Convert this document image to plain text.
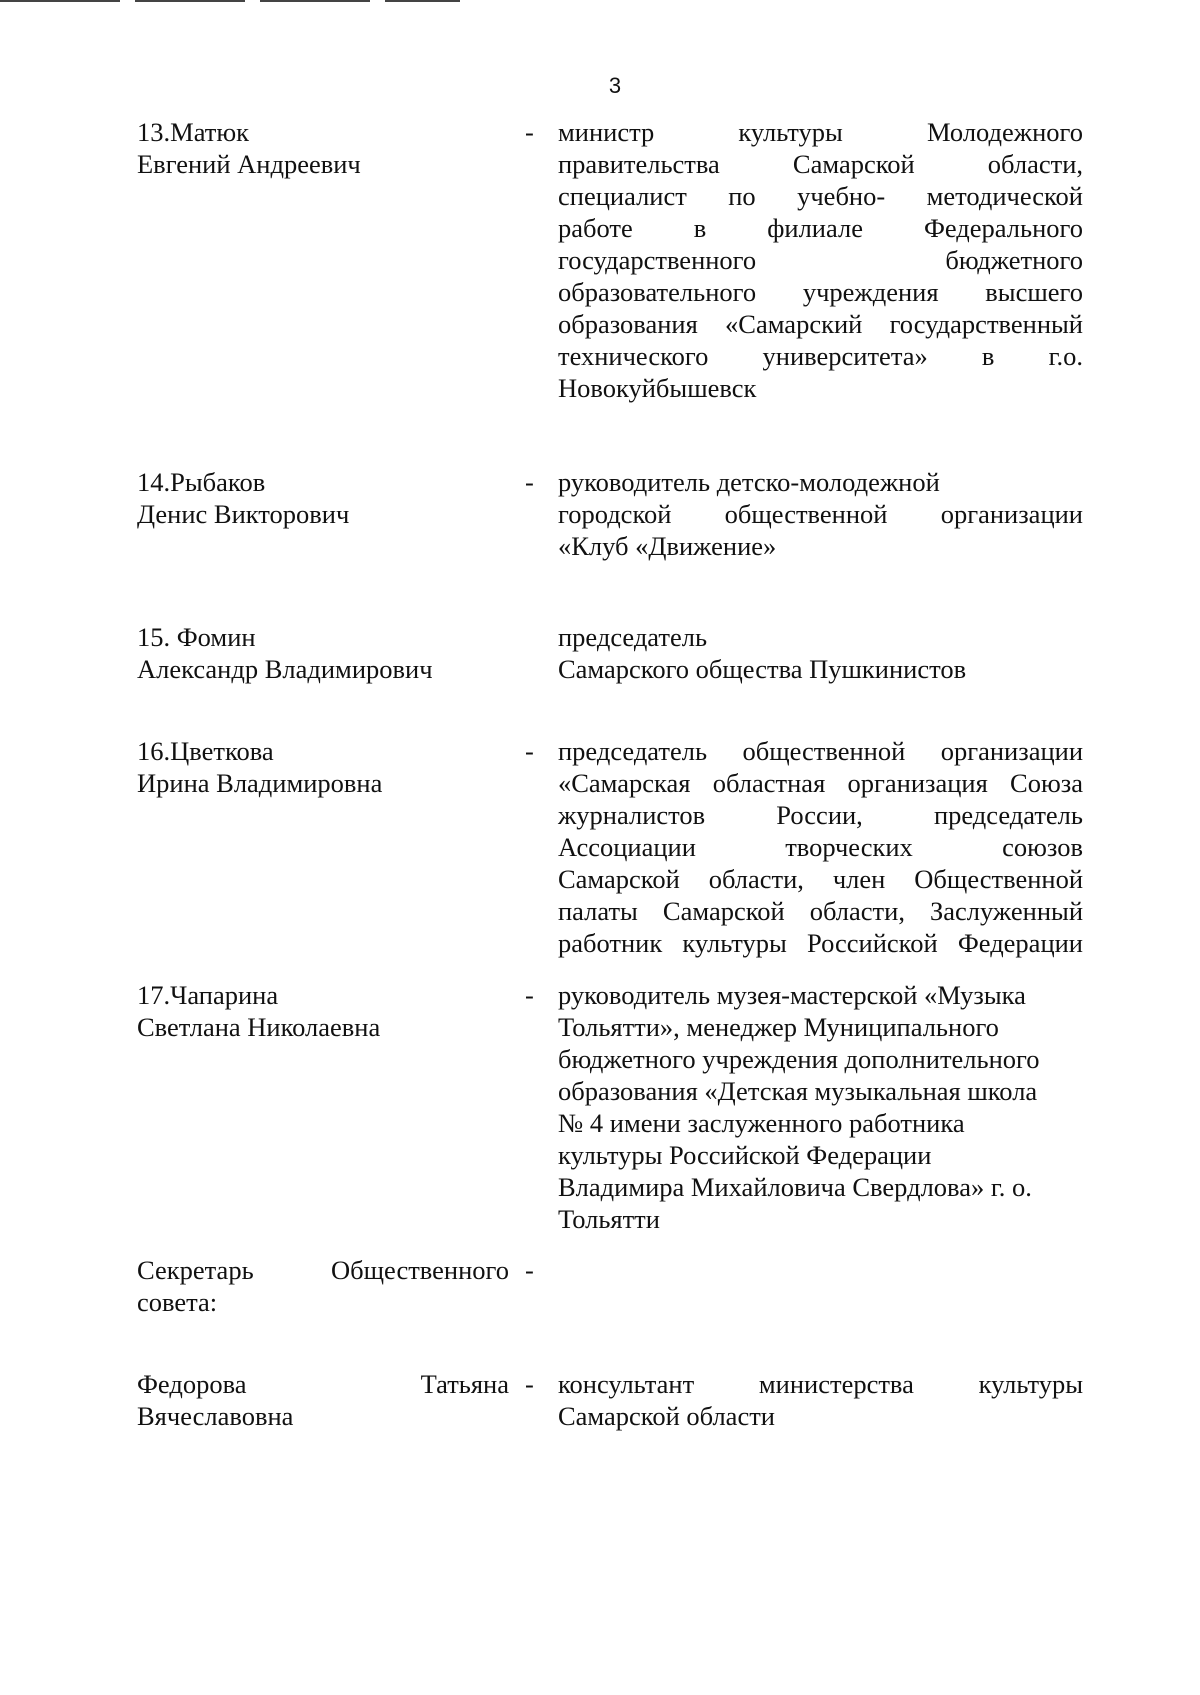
3

13.Матюк

Евгений Андреевич

- министр культуры Молодежного

правительства Самарской области,

специалист по учебно- методической

работе в филиале Федерального

государственного бюджетного

образовательного учреждения высшего

образования «Самарский государственный

технического университета» в г.о.

Новокуйбышевск

14.Рыбаков

Денис Викторович

- руководитель детско-молодежной

городской общественной организации

«Клуб «Движение»

15. Фомин

Александр Владимирович

председатель

Самарского общества Пушкинистов

16.Цветкова

Ирина Владимировна

- председатель общественной организации

«Самарская областная организация Союза

журналистов России, председатель

Ассоциации творческих союзов

Самарской области, член Общественной

палаты Самарской области, Заслуженный

работник культуры Российской Федерации

17.Чапарина

Светлана Николаевна

- руководитель музея-мастерской «Музыка

Тольятти», менеджер Муниципального

бюджетного учреждения дополнительного

образования «Детская музыкальная школа

№ 4 имени заслуженного работника

культуры Российской Федерации

Владимира Михайловича Свердлова» г. о.

Тольятти

Секретарь Общественного

совета:

-

Федорова Татьяна

Вячеславовна

- консультант министерства культуры

Самарской области
